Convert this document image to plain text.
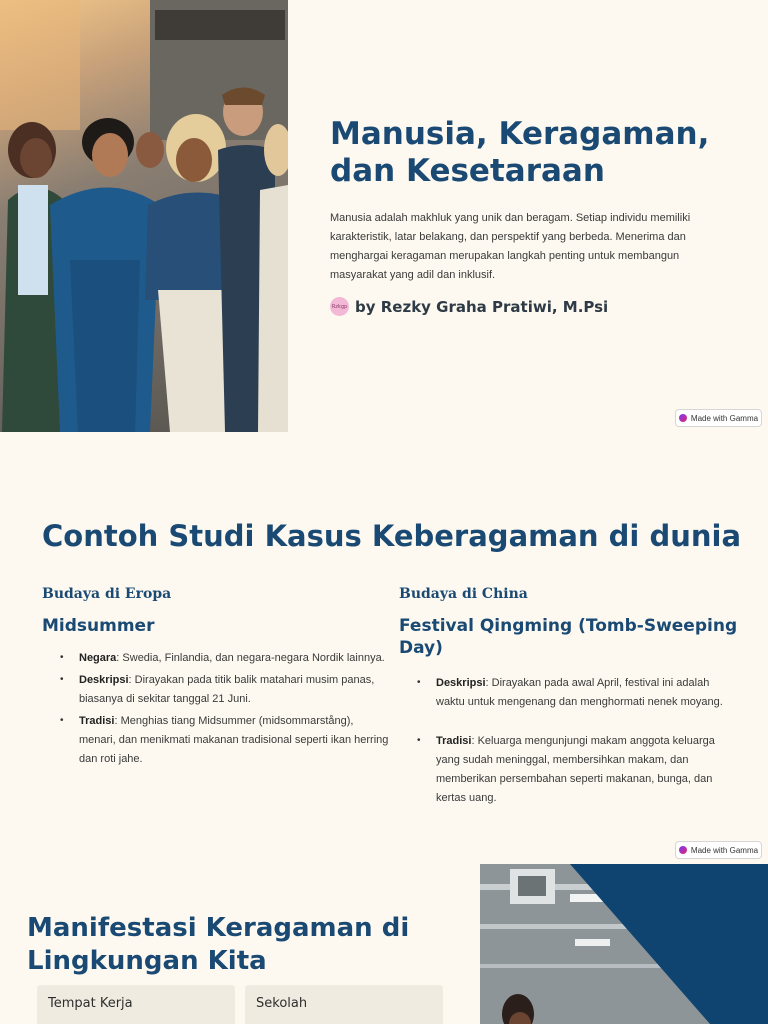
Manusia, Keragaman, dan Kesetaraan

Manusia adalah makhluk yang unik dan beragam. Setiap individu memiliki karakteristik, latar belakang, dan perspektif yang berbeda. Menerima dan menghargai keragaman merupakan langkah penting untuk membangun masyarakat yang adil dan inklusif.

Rzkgp by Rezky Graha Pratiwi, M.Psi
Made with Gamma
Contoh Studi Kasus Keberagaman di dunia
Budaya di Eropa
Midsummer
• Negara: Swedia, Finlandia, dan negara-negara Nordik lainnya.
• Deskripsi: Dirayakan pada titik balik matahari musim panas, biasanya di sekitar tanggal 21 Juni.
• Tradisi: Menghias tiang Midsummer (midsommarstång), menari, dan menikmati makanan tradisional seperti ikan herring dan roti jahe.
Budaya di China
Festival Qingming (Tomb-Sweeping Day)
• Deskripsi: Dirayakan pada awal April, festival ini adalah waktu untuk mengenang dan menghormati nenek moyang.
• Tradisi: Keluarga mengunjungi makam anggota keluarga yang sudah meninggal, membersihkan makam, dan memberikan persembahan seperti makanan, bunga, dan kertas uang.
Made with Gamma
Manifestasi Keragaman di Lingkungan Kita
Tempat Kerja	Sekolah
